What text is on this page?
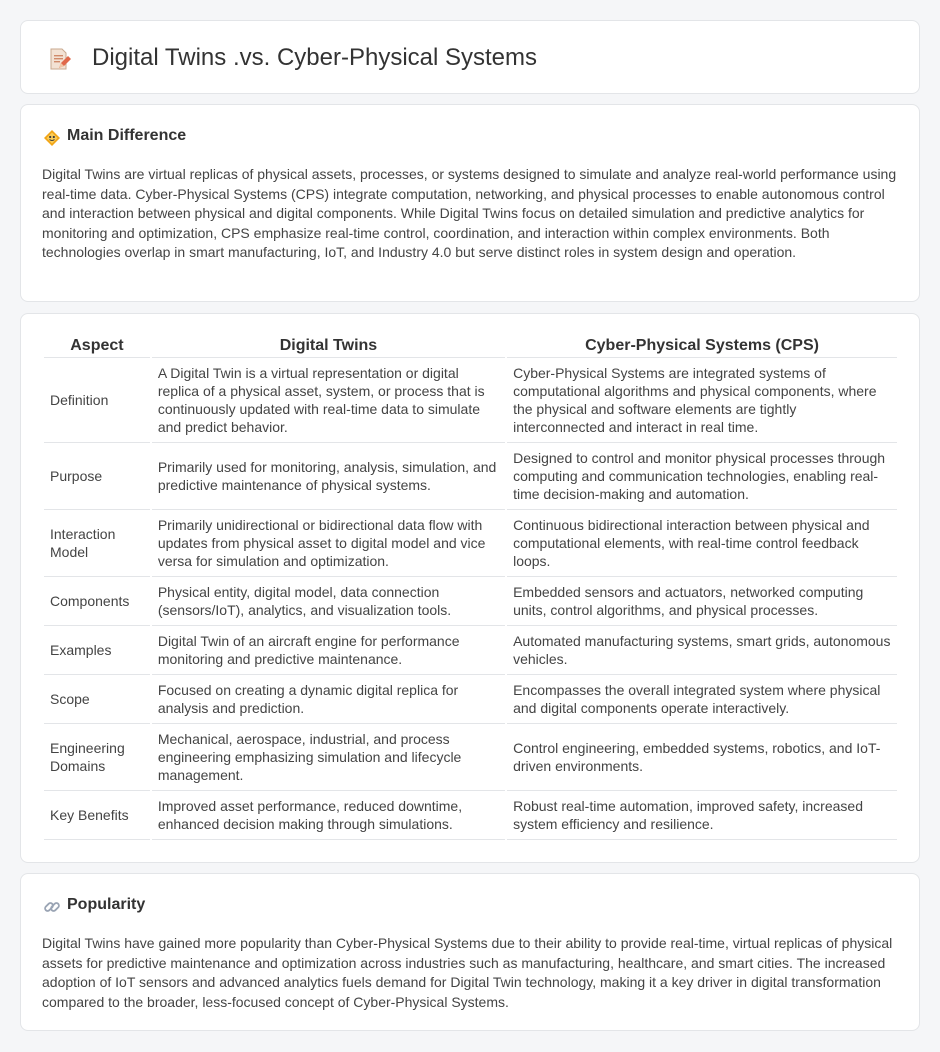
Digital Twins .vs. Cyber-Physical Systems
Main Difference

Digital Twins are virtual replicas of physical assets, processes, or systems designed to simulate and analyze real-world performance using real-time data. Cyber-Physical Systems (CPS) integrate computation, networking, and physical processes to enable autonomous control and interaction between physical and digital components. While Digital Twins focus on detailed simulation and predictive analytics for monitoring and optimization, CPS emphasize real-time control, coordination, and interaction within complex environments. Both technologies overlap in smart manufacturing, IoT, and Industry 4.0 but serve distinct roles in system design and operation.

Aspect	Digital Twins	Cyber-Physical Systems (CPS)
Definition	A Digital Twin is a virtual representation or digital replica of a physical asset, system, or process that is continuously updated with real-time data to simulate and predict behavior.	Cyber-Physical Systems are integrated systems of computational algorithms and physical components, where the physical and software elements are tightly interconnected and interact in real time.
Purpose	Primarily used for monitoring, analysis, simulation, and predictive maintenance of physical systems.	Designed to control and monitor physical processes through computing and communication technologies, enabling real-time decision-making and automation.
Interaction Model	Primarily unidirectional or bidirectional data flow with updates from physical asset to digital model and vice versa for simulation and optimization.	Continuous bidirectional interaction between physical and computational elements, with real-time control feedback loops.
Components	Physical entity, digital model, data connection (sensors/IoT), analytics, and visualization tools.	Embedded sensors and actuators, networked computing units, control algorithms, and physical processes.
Examples	Digital Twin of an aircraft engine for performance monitoring and predictive maintenance.	Automated manufacturing systems, smart grids, autonomous vehicles.
Scope	Focused on creating a dynamic digital replica for analysis and prediction.	Encompasses the overall integrated system where physical and digital components operate interactively.
Engineering Domains	Mechanical, aerospace, industrial, and process engineering emphasizing simulation and lifecycle management.	Control engineering, embedded systems, robotics, and IoT-driven environments.
Key Benefits	Improved asset performance, reduced downtime, enhanced decision making through simulations.	Robust real-time automation, improved safety, increased system efficiency and resilience.
Popularity

Digital Twins have gained more popularity than Cyber-Physical Systems due to their ability to provide real-time, virtual replicas of physical assets for predictive maintenance and optimization across industries such as manufacturing, healthcare, and smart cities. The increased adoption of IoT sensors and advanced analytics fuels demand for Digital Twin technology, making it a key driver in digital transformation compared to the broader, less-focused concept of Cyber-Physical Systems.
